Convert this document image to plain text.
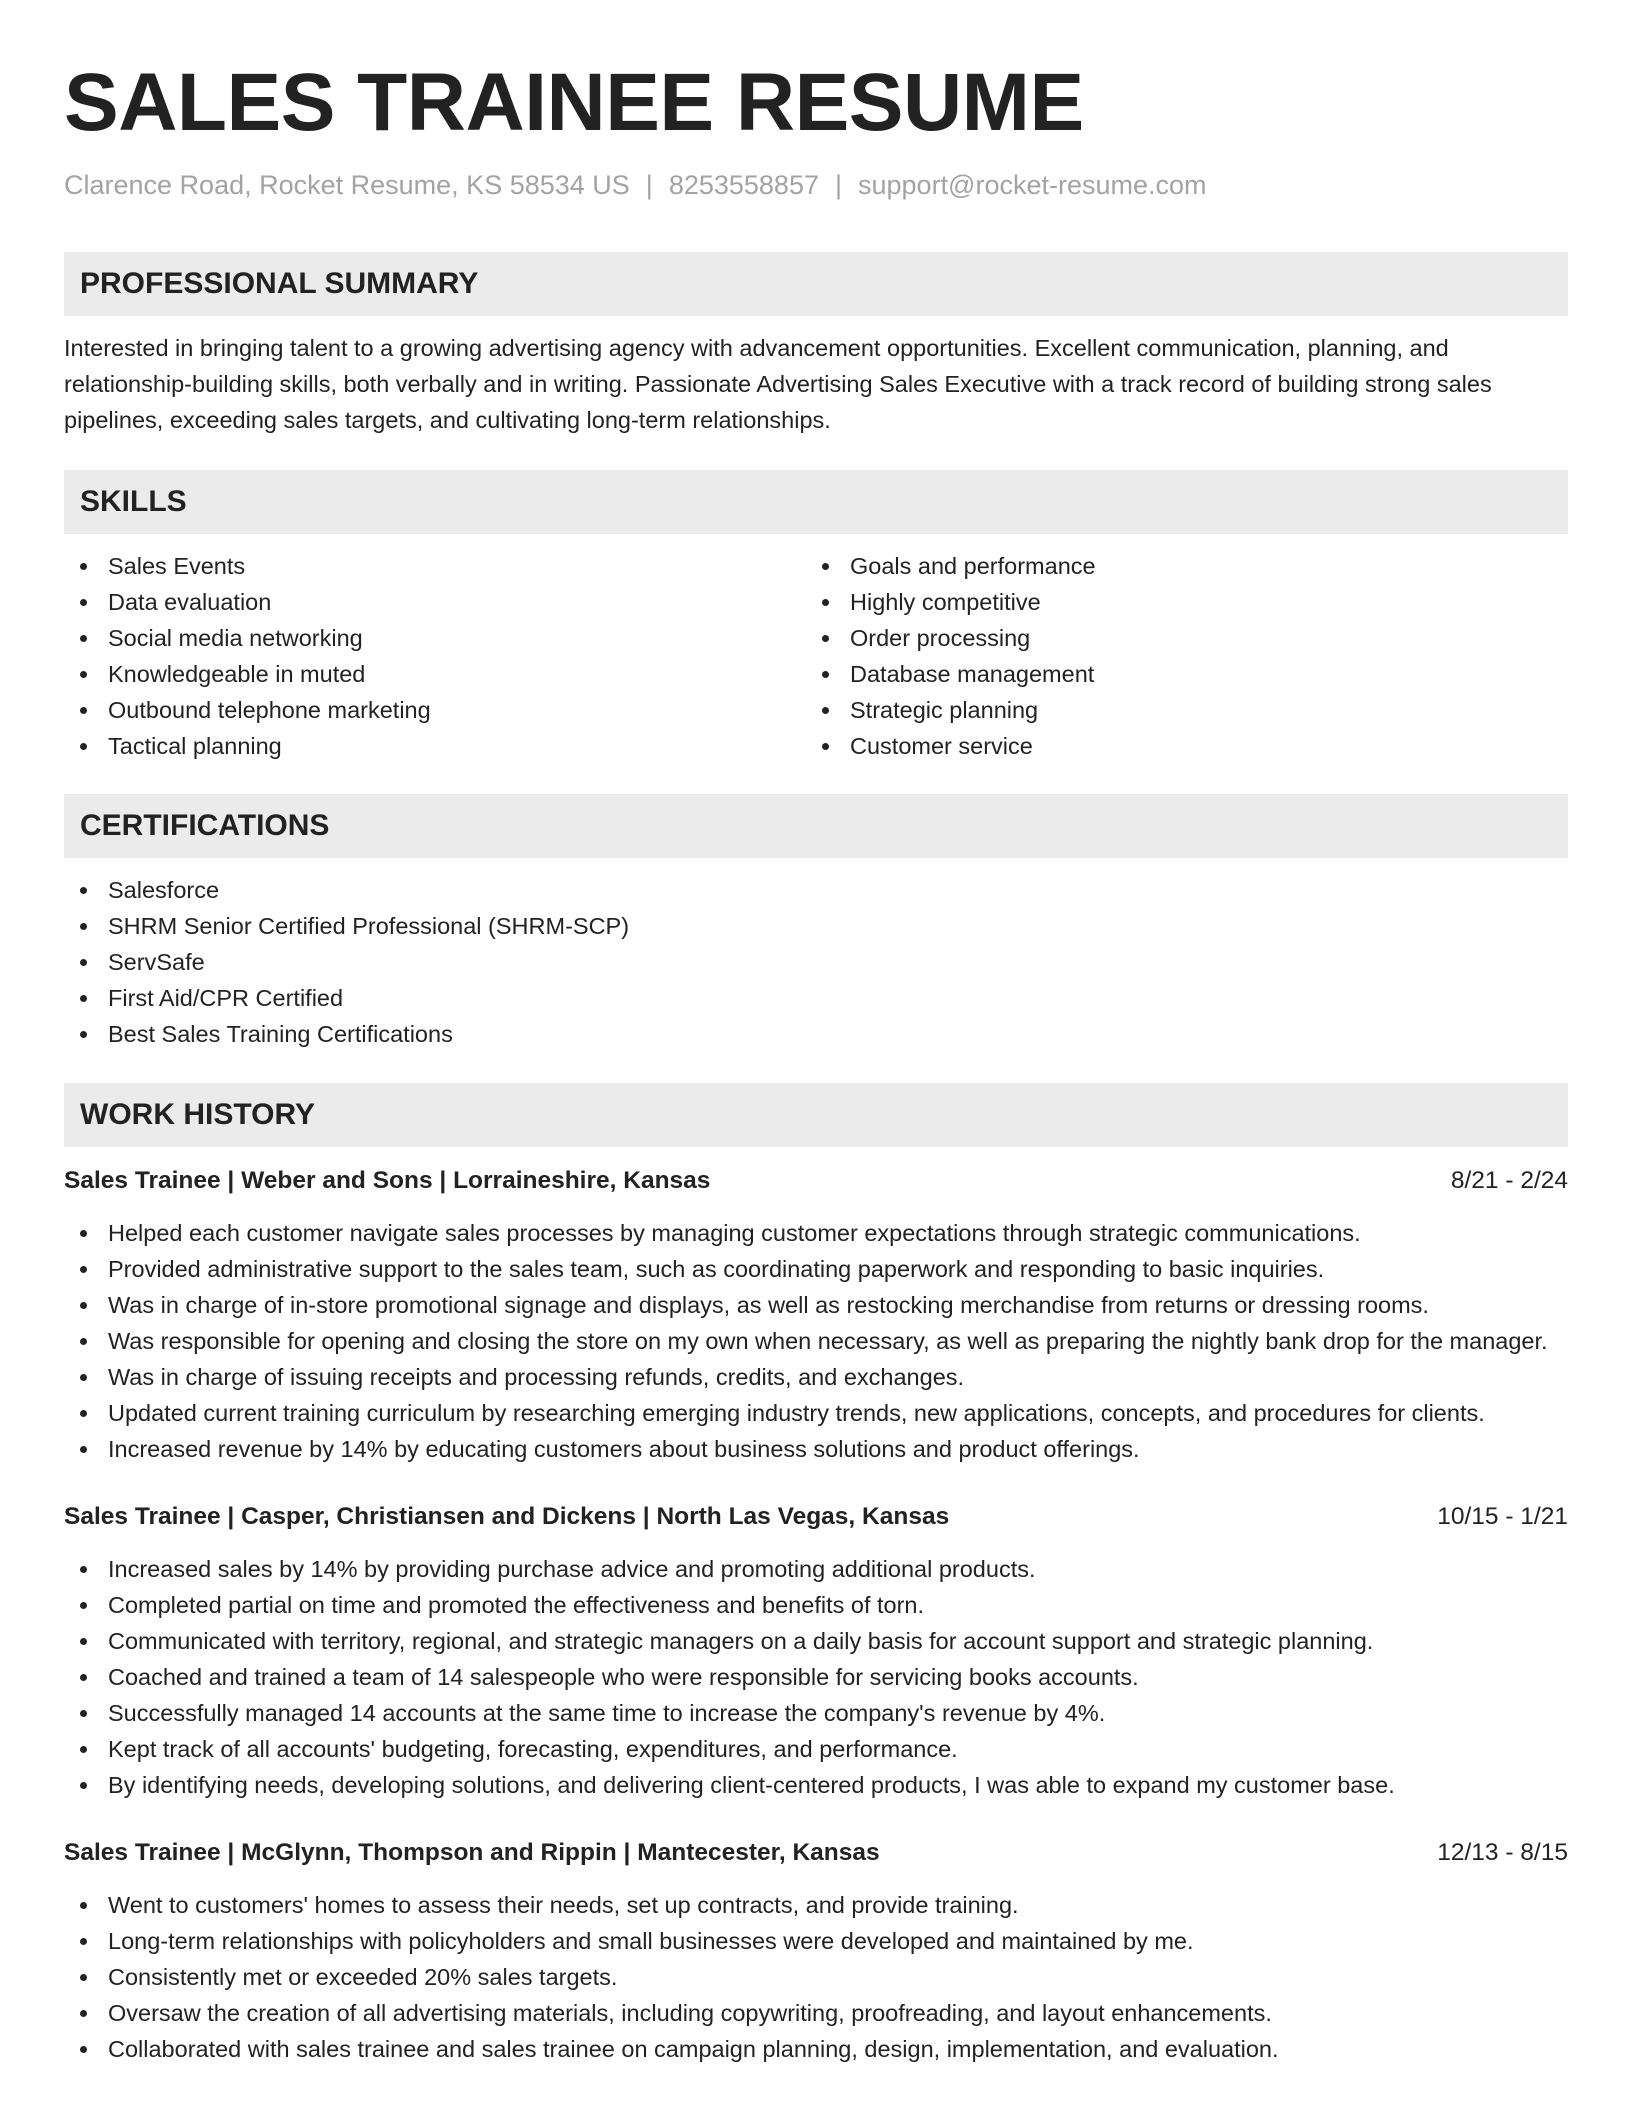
SALES TRAINEE RESUME
Clarence Road, Rocket Resume, KS 58534 US | 8253558857 | support@rocket-resume.com
PROFESSIONAL SUMMARY

Interested in bringing talent to a growing advertising agency with advancement opportunities. Excellent communication, planning, and relationship-building skills, both verbally and in writing. Passionate Advertising Sales Executive with a track record of building strong sales pipelines, exceeding sales targets, and cultivating long-term relationships.

SKILLS
Sales Events
Data evaluation
Social media networking
Knowledgeable in muted
Outbound telephone marketing
Tactical planning
Goals and performance
Highly competitive
Order processing
Database management
Strategic planning
Customer service
CERTIFICATIONS
Salesforce
SHRM Senior Certified Professional (SHRM-SCP)
ServSafe
First Aid/CPR Certified
Best Sales Training Certifications
WORK HISTORY
Sales Trainee | Weber and Sons | Lorraineshire, Kansas	8/21 - 2/24
Helped each customer navigate sales processes by managing customer expectations through strategic communications.
Provided administrative support to the sales team, such as coordinating paperwork and responding to basic inquiries.
Was in charge of in-store promotional signage and displays, as well as restocking merchandise from returns or dressing rooms.
Was responsible for opening and closing the store on my own when necessary, as well as preparing the nightly bank drop for the manager.
Was in charge of issuing receipts and processing refunds, credits, and exchanges.
Updated current training curriculum by researching emerging industry trends, new applications, concepts, and procedures for clients.
Increased revenue by 14% by educating customers about business solutions and product offerings.
Sales Trainee | Casper, Christiansen and Dickens | North Las Vegas, Kansas	10/15 - 1/21
Increased sales by 14% by providing purchase advice and promoting additional products.
Completed partial on time and promoted the effectiveness and benefits of torn.
Communicated with territory, regional, and strategic managers on a daily basis for account support and strategic planning.
Coached and trained a team of 14 salespeople who were responsible for servicing books accounts.
Successfully managed 14 accounts at the same time to increase the company's revenue by 4%.
Kept track of all accounts' budgeting, forecasting, expenditures, and performance.
By identifying needs, developing solutions, and delivering client-centered products, I was able to expand my customer base.
Sales Trainee | McGlynn, Thompson and Rippin | Mantecester, Kansas	12/13 - 8/15
Went to customers' homes to assess their needs, set up contracts, and provide training.
Long-term relationships with policyholders and small businesses were developed and maintained by me.
Consistently met or exceeded 20% sales targets.
Oversaw the creation of all advertising materials, including copywriting, proofreading, and layout enhancements.
Collaborated with sales trainee and sales trainee on campaign planning, design, implementation, and evaluation.
